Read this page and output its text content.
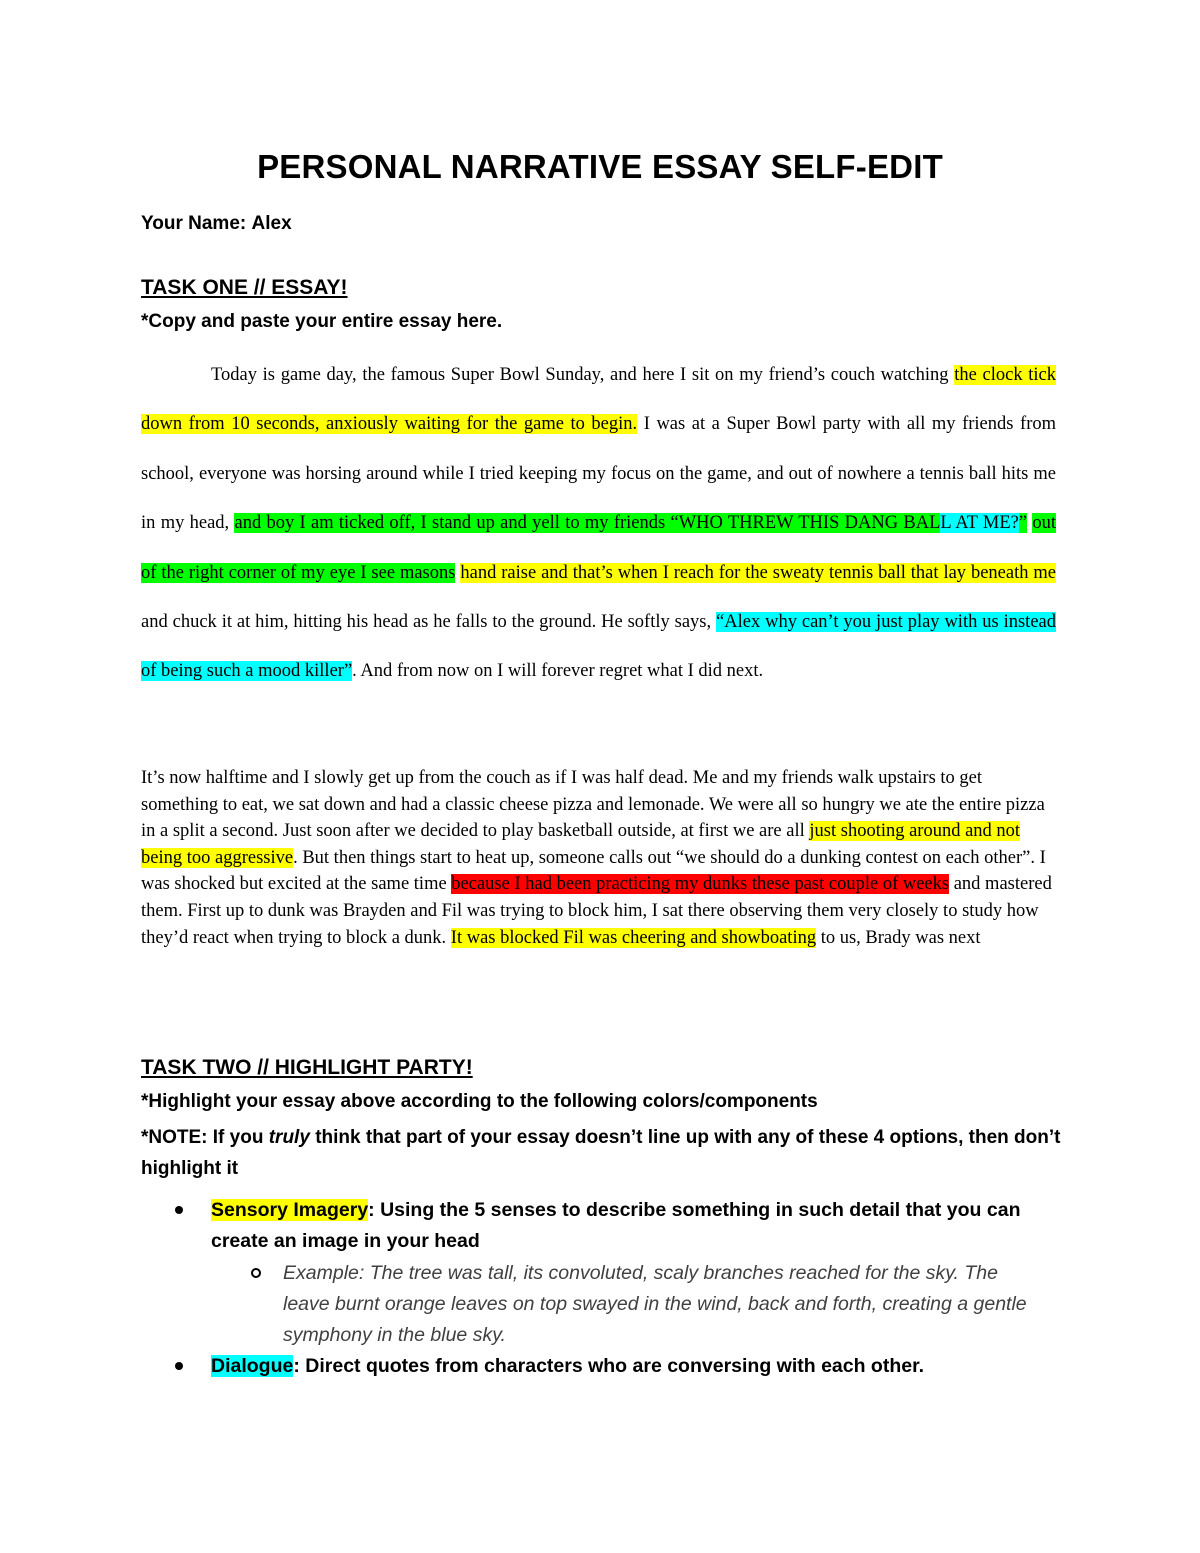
PERSONAL NARRATIVE ESSAY SELF-EDIT
Your Name: Alex
TASK ONE // ESSAY!
*Copy and paste your entire essay here.

Today is game day, the famous Super Bowl Sunday, and here I sit on my friend’s couch watching the clock tick down from 10 seconds, anxiously waiting for the game to begin. I was at a Super Bowl party with all my friends from school, everyone was horsing around while I tried keeping my focus on the game, and out of nowhere a tennis ball hits me in my head, and boy I am ticked off, I stand up and yell to my friends “WHO THREW THIS DANG BALL AT ME?” out of the right corner of my eye I see masons hand raise and that’s when I reach for the sweaty tennis ball that lay beneath me and chuck it at him, hitting his head as he falls to the ground. He softly says, “Alex why can’t you just play with us instead of being such a mood killer”. And from now on I will forever regret what I did next.

It’s now halftime and I slowly get up from the couch as if I was half dead. Me and my friends walk upstairs to get something to eat, we sat down and had a classic cheese pizza and lemonade. We were all so hungry we ate the entire pizza in a split a second. Just soon after we decided to play basketball outside, at first we are all just shooting around and not being too aggressive. But then things start to heat up, someone calls out “we should do a dunking contest on each other”. I was shocked but excited at the same time because I had been practicing my dunks these past couple of weeks and mastered them. First up to dunk was Brayden and Fil was trying to block him, I sat there observing them very closely to study how they’d react when trying to block a dunk. It was blocked Fil was cheering and showboating to us, Brady was next

TASK TWO // HIGHLIGHT PARTY!
*Highlight your essay above according to the following colors/components
*NOTE: If you truly think that part of your essay doesn’t line up with any of these 4 options, then don’t highlight it
Sensory Imagery: Using the 5 senses to describe something in such detail that you can create an image in your head
Example: The tree was tall, its convoluted, scaly branches reached for the sky. The leave burnt orange leaves on top swayed in the wind, back and forth, creating a gentle symphony in the blue sky.
Dialogue: Direct quotes from characters who are conversing with each other.
